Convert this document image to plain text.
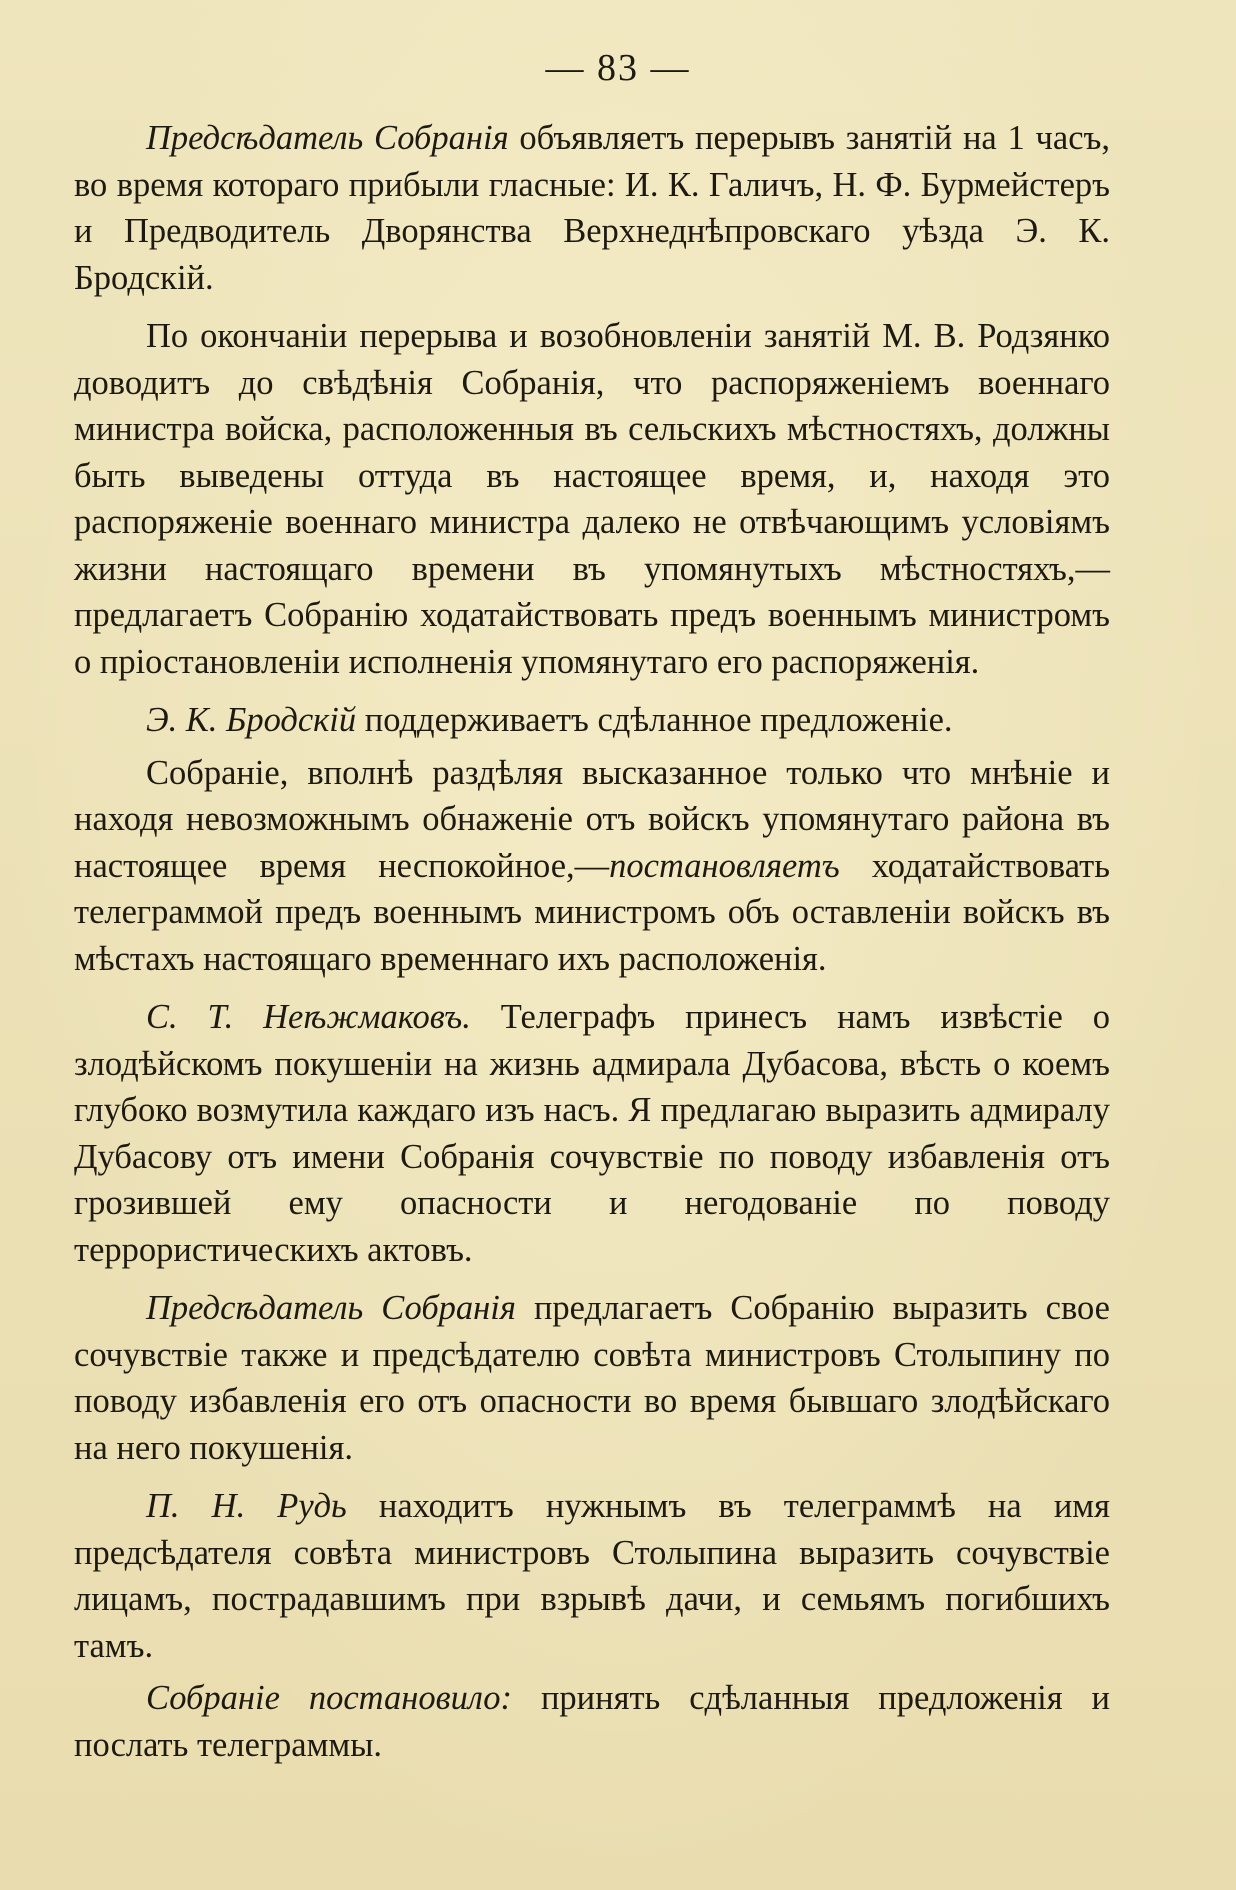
— 83 —

Предсѣдатель Собранія объявляетъ перерывъ занятій на 1 часъ, во время котораго прибыли гласные: И. К. Галичъ, Н. Ф. Бурмейстеръ и Предводитель Дворянства Верхнеднѣпровскаго уѣзда Э. К. Бродскій.

По окончаніи перерыва и возобновленіи занятій М. В. Родзянко доводитъ до свѣдѣнія Собранія, что распоряженіемъ военнаго министра войска, расположенныя въ сельскихъ мѣстностяхъ, должны быть выведены оттуда въ настоящее время, и, находя это распоряженіе военнаго министра далеко не отвѣчающимъ условіямъ жизни настоящаго времени въ упомянутыхъ мѣстностяхъ,—предлагаетъ Собранію ходатайствовать предъ военнымъ министромъ о пріостановленіи исполненія упомянутаго его распоряженія.

Э. К. Бродскій поддерживаетъ сдѣланное предложеніе.

Собраніе, вполнѣ раздѣляя высказанное только что мнѣніе и находя невозможнымъ обнаженіе отъ войскъ упомянутаго района въ настоящее время неспокойное,—постановляетъ ходатайствовать телеграммой предъ военнымъ министромъ объ оставленіи войскъ въ мѣстахъ настоящаго временнаго ихъ расположенія.

С. Т. Неѣжмаковъ. Телеграфъ принесъ намъ извѣстіе о злодѣйскомъ покушеніи на жизнь адмирала Дубасова, вѣсть о коемъ глубоко возмутила каждаго изъ насъ. Я предлагаю выразить адмиралу Дубасову отъ имени Собранія сочувствіе по поводу избавленія отъ грозившей ему опасности и негодованіе по поводу террористическихъ актовъ.

Предсѣдатель Собранія предлагаетъ Собранію выразить свое сочувствіе также и предсѣдателю совѣта министровъ Столыпину по поводу избавленія его отъ опасности во время бывшаго злодѣйскаго на него покушенія.

П. Н. Рудь находитъ нужнымъ въ телеграммѣ на имя предсѣдателя совѣта министровъ Столыпина выразить сочувствіе лицамъ, пострадавшимъ при взрывѣ дачи, и семьямъ погибшихъ тамъ.

Собраніе постановило: принять сдѣланныя предложенія и послать телеграммы.
